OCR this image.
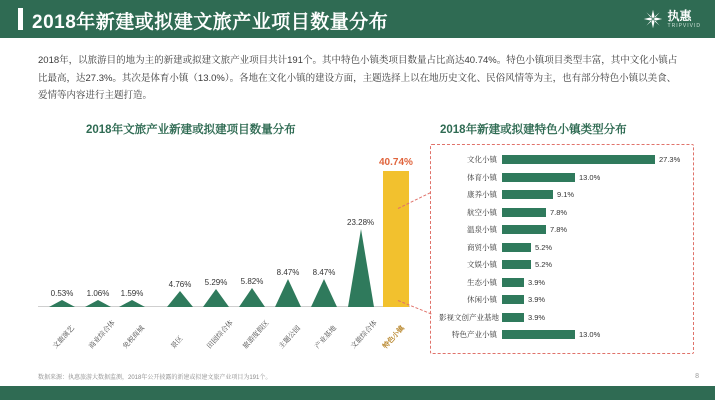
2018年新建或拟建文旅产业项目数量分布	执惠
TRIPVIVID
2018年，以旅游目的地为主的新建或拟建文旅产业项目共计191个。其中特色小镇类项目数量占比高达40.74%。特色小镇项目类型丰富，其中文化小镇占比最高，达27.3%。其次是体育小镇（13.0%）。各地在文化小镇的建设方面，主题选择上以在地历史文化、民俗风情等为主，也有部分特色小镇以美食、爱情等内容进行主题打造。
2018年文旅产业新建或拟建项目数量分布	2018年新建或拟建特色小镇类型分布
0.53% 1.06% 1.59%
4.76% 5.29% 5.82%
8.47% 8.47%
23.28%
40.74%
文旅演艺 商业综合体 免税商城	景区	田园综合体 旅游度假区 主题公园 产业基地 文旅综合体 特色小镇
文化小镇	27.3%
体育小镇	13.0%
康养小镇	9.1%
航空小镇	7.8%
温泉小镇	7.8%
商贸小镇	5.2%
文娱小镇	5.2%
生态小镇	3.9%
休闲小镇	3.9%
影视文创产业基地	3.9%
特色产业小镇	13.0%
数据来源：执惠旅游大数据监测，2018年公开披露的新建或拟建文旅产业项目为191个。	8
